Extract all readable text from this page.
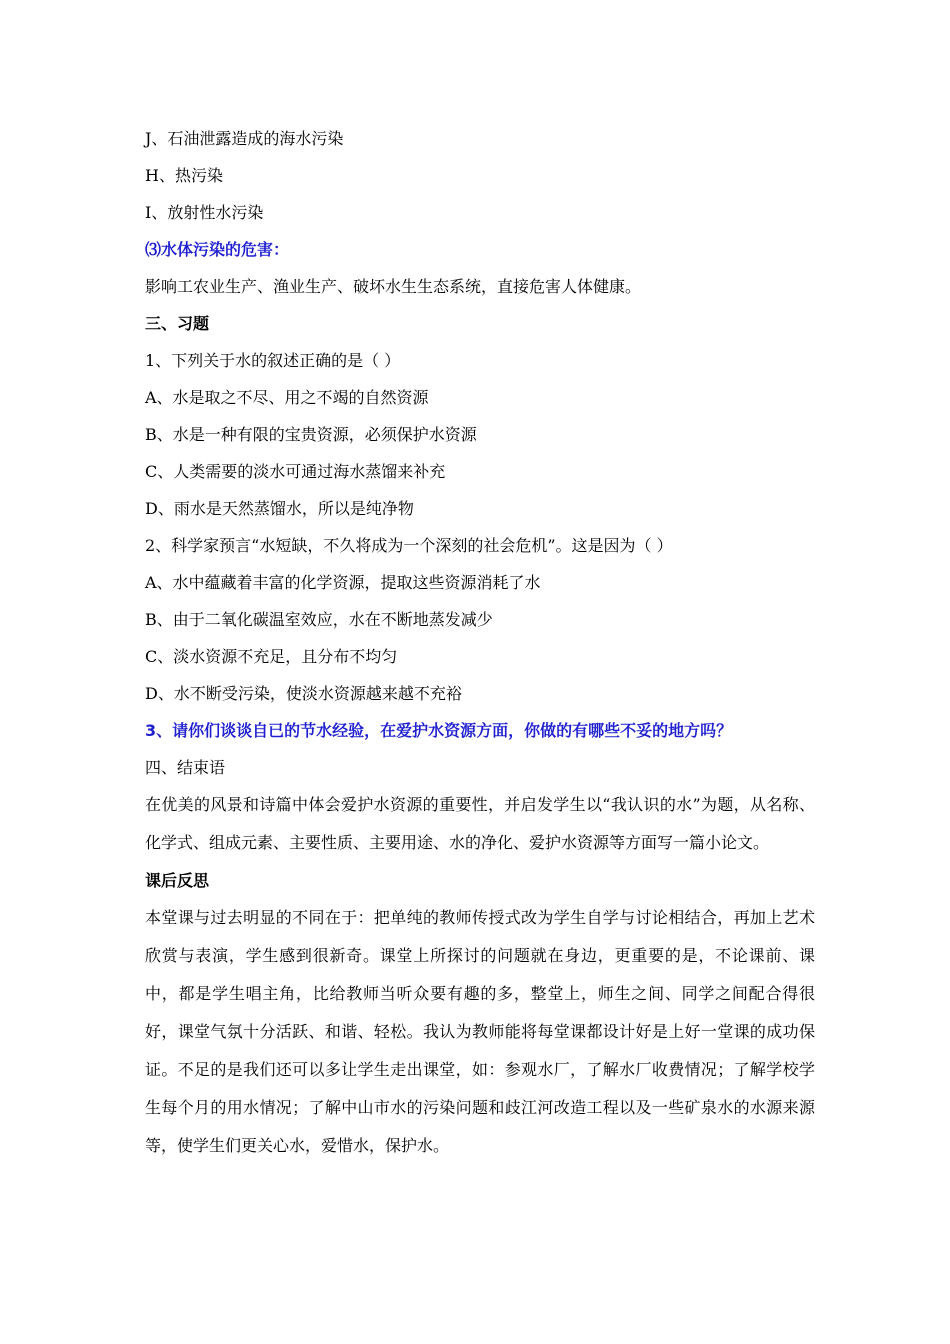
J、石油泄露造成的海水污染
H、热污染
I、放射性水污染
⑶水体污染的危害：
影响工农业生产、渔业生产、破坏水生生态系统，直接危害人体健康。
三、习题
1、下列关于水的叙述正确的是（ ）
A、水是取之不尽、用之不竭的自然资源
B、水是一种有限的宝贵资源，必须保护水资源
C、人类需要的淡水可通过海水蒸馏来补充
D、雨水是天然蒸馏水，所以是纯净物
2、科学家预言“水短缺，不久将成为一个深刻的社会危机”。这是因为（ ）
A、水中蕴藏着丰富的化学资源，提取这些资源消耗了水
B、由于二氧化碳温室效应，水在不断地蒸发减少
C、淡水资源不充足，且分布不均匀
D、水不断受污染，使淡水资源越来越不充裕
3、请你们谈谈自已的节水经验，在爱护水资源方面，你做的有哪些不妥的地方吗？
四、结束语
在优美的风景和诗篇中体会爱护水资源的重要性，并启发学生以“我认识的水”为题，从名称、化学式、组成元素、主要性质、主要用途、水的净化、爱护水资源等方面写一篇小论文。
课后反思
本堂课与过去明显的不同在于：把单纯的教师传授式改为学生自学与讨论相结合，再加上艺术欣赏与表演，学生感到很新奇。课堂上所探讨的问题就在身边，更重要的是，不论课前、课中，都是学生唱主角，比给教师当听众要有趣的多，整堂上，师生之间、同学之间配合得很好，课堂气氛十分活跃、和谐、轻松。我认为教师能将每堂课都设计好是上好一堂课的成功保证。不足的是我们还可以多让学生走出课堂，如：参观水厂，了解水厂收费情况；了解学校学生每个月的用水情况；了解中山市水的污染问题和歧江河改造工程以及一些矿泉水的水源来源等，使学生们更关心水，爱惜水，保护水。
